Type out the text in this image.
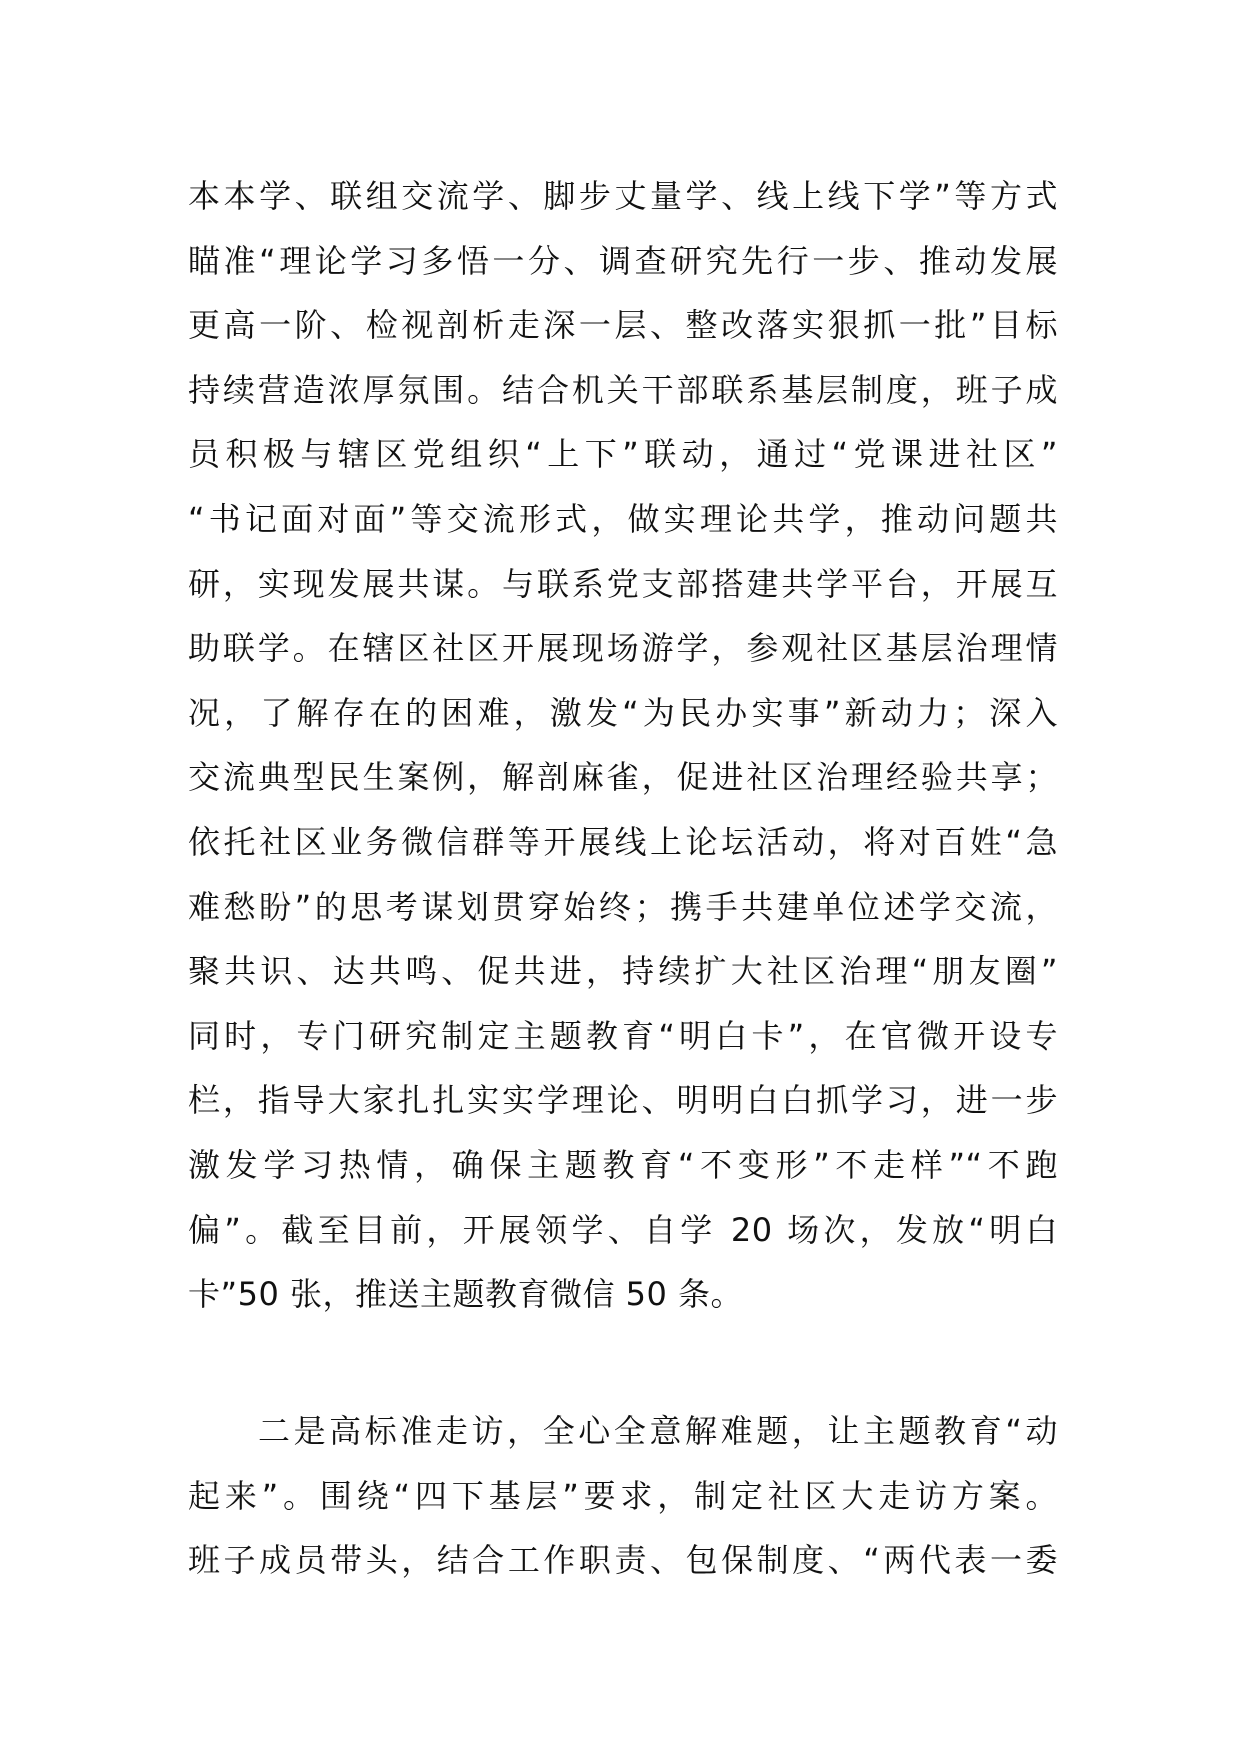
本本学、联组交流学、脚步丈量学、线上线下学”等方式
瞄准“理论学习多悟一分、调查研究先行一步、推动发展
更高一阶、检视剖析走深一层、整改落实狠抓一批”目标
持续营造浓厚氛围。结合机关干部联系基层制度，班子成
员积极与辖区党组织“上下”联动，通过“党课进社区”
“书记面对面”等交流形式，做实理论共学，推动问题共
研，实现发展共谋。与联系党支部搭建共学平台，开展互
助联学。在辖区社区开展现场游学，参观社区基层治理情
况，了解存在的困难，激发“为民办实事”新动力；深入
交流典型民生案例，解剖麻雀，促进社区治理经验共享；
依托社区业务微信群等开展线上论坛活动，将对百姓“急
难愁盼”的思考谋划贯穿始终；携手共建单位述学交流，
聚共识、达共鸣、促共进，持续扩大社区治理“朋友圈”
同时，专门研究制定主题教育“明白卡”，在官微开设专
栏，指导大家扎扎实实学理论、明明白白抓学习，进一步
激发学习热情，确保主题教育“不变形”不走样”“不跑
偏”。截至目前，开展领学、自学 20 场次，发放“明白
卡”50 张，推送主题教育微信 50 条。
二是高标准走访，全心全意解难题，让主题教育“动
起来”。围绕“四下基层”要求，制定社区大走访方案。
班子成员带头，结合工作职责、包保制度、“两代表一委
